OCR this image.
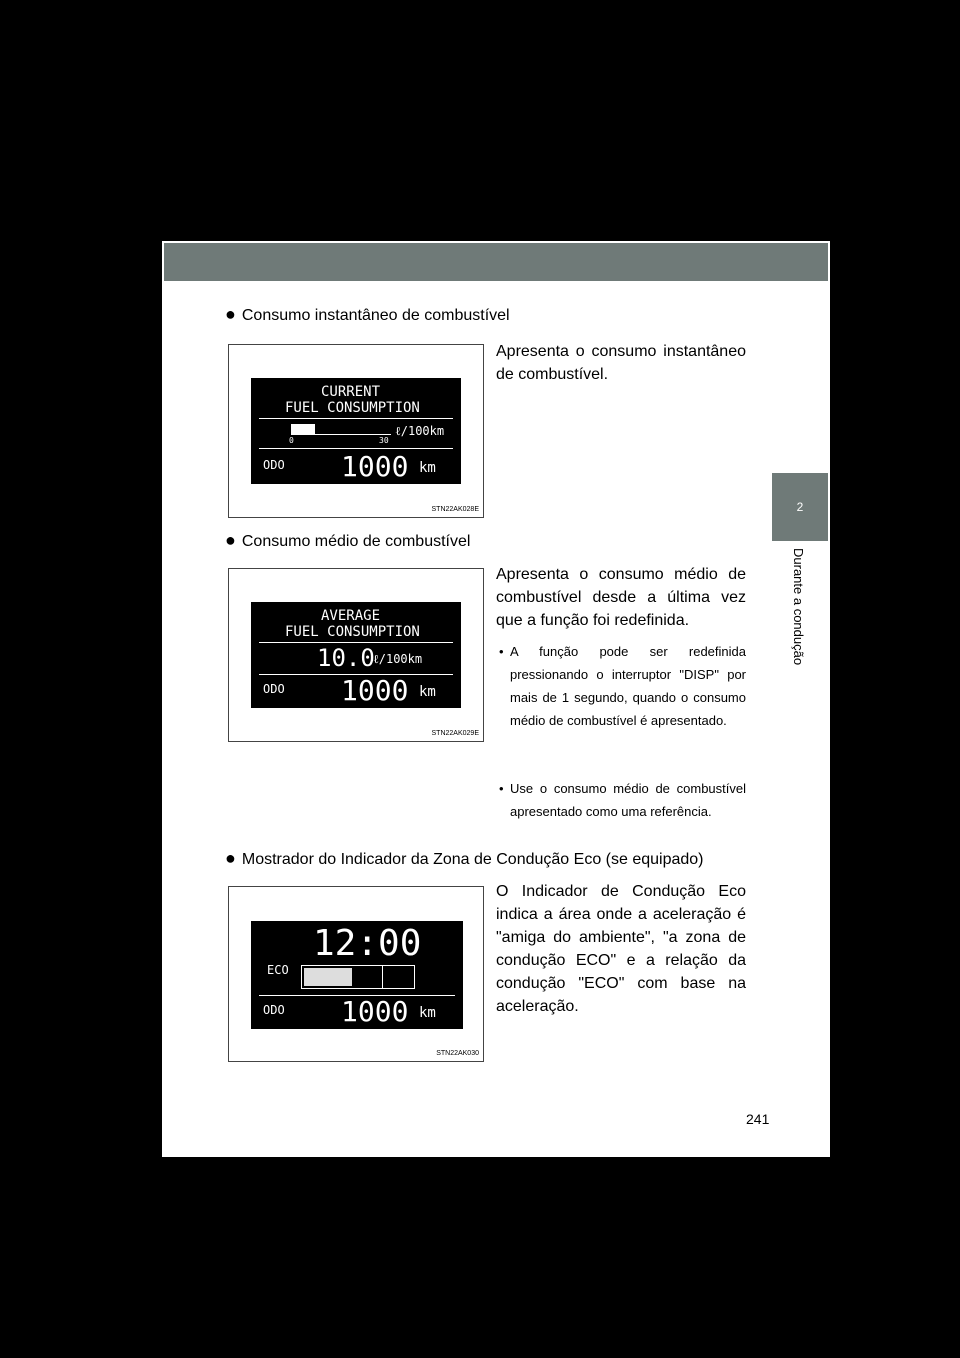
2
Durante a condução
● Consumo instantâneo de combustível
CURRENT
FUEL CONSUMPTION
0	30
ℓ/100km
ODO 1000 km
STN22AK028E
Apresenta o consumo instantâneo de combustível.
● Consumo médio de combustível
AVERAGE
FUEL CONSUMPTION
10.0
ℓ/100km
ODO 1000 km
STN22AK029E
Apresenta o consumo médio de combustível desde a última vez que a função foi redefinida.
• A função pode ser redefinida pressionando o interruptor "DISP" por mais de 1 segundo, quando o consumo médio de combustível é apresentado.
• Use o consumo médio de combustível apresentado como uma referência.
● Mostrador do Indicador da Zona de Condução Eco (se equipado)
12:00
ECO
ODO 1000 km
STN22AK030
O Indicador de Condução Eco indica a área onde a aceleração é "amiga do ambiente", "a zona de condução ECO" e a relação da condução "ECO" com base na aceleração.
241
